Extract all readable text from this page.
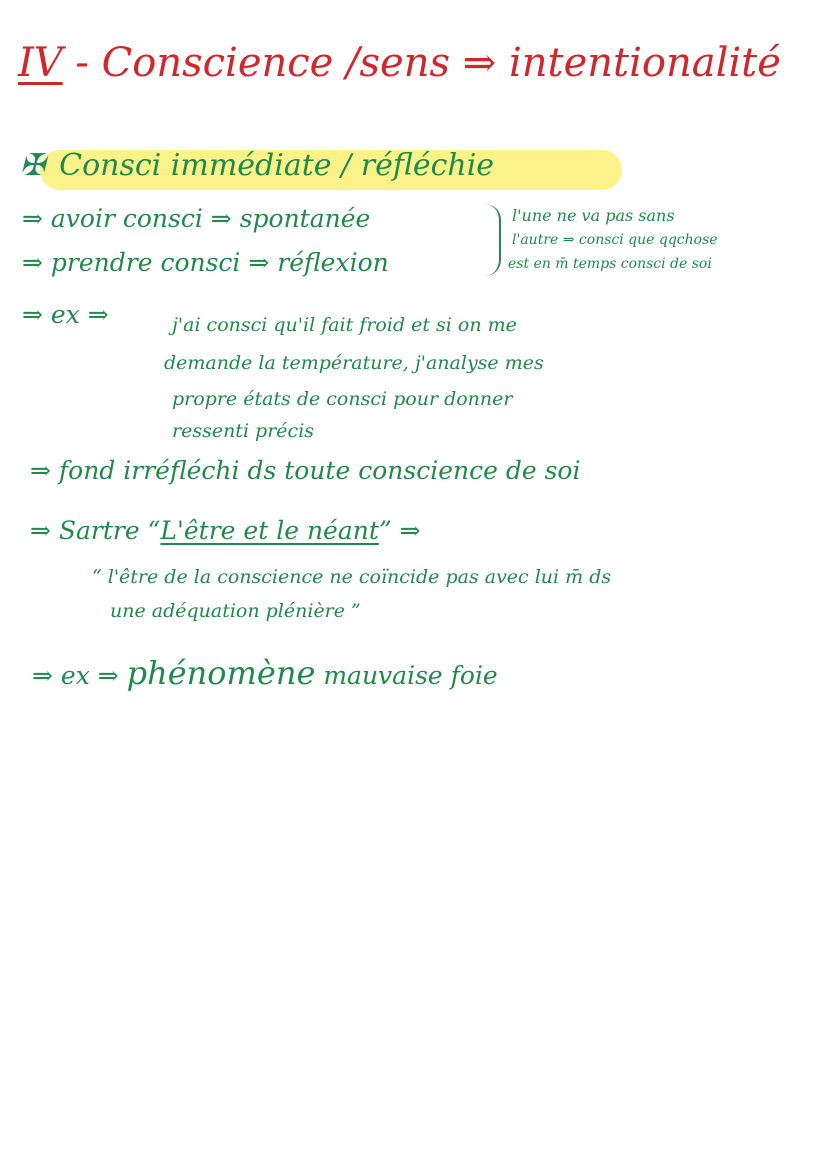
IV - Conscience /sens ⇒ intentionalité
✠ Consci immédiate / réfléchie
⇒ avoir consci ⇒ spontanée
⇒ prendre consci ⇒ réflexion
l'une ne va pas sans
l'autre ⇒ consci que qqchose
est en m̄ temps consci de soi
⇒ ex ⇒	j'ai consci qu'il fait froid et si on me
demande la température, j'analyse mes
propre états de consci pour donner
ressenti précis
⇒ fond irréfléchi ds toute conscience de soi
⇒ Sartre “L'être et le néant” ⇒
“ l'être de la conscience ne coïncide pas avec lui m̄ ds
une adéquation plénière ”
⇒ ex ⇒ phénomène mauvaise foie
